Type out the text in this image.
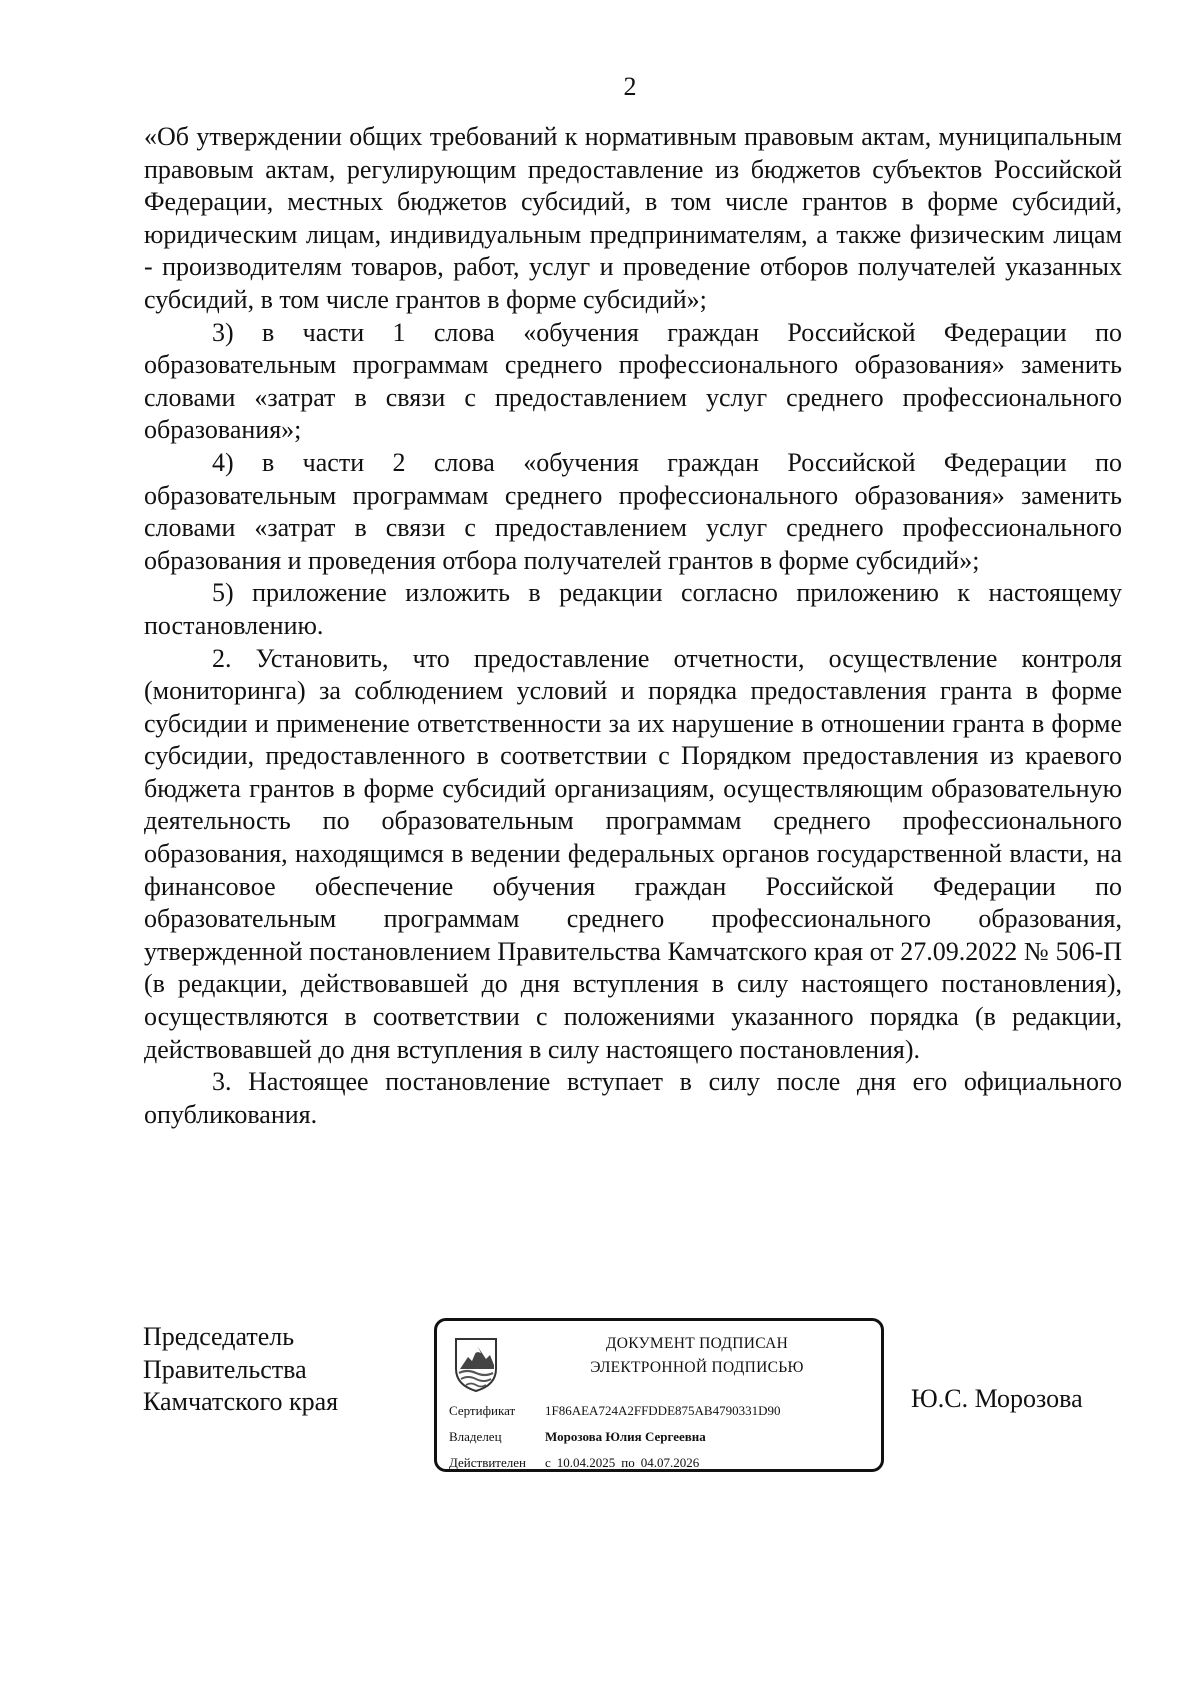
2

«Об утверждении общих требований к нормативным правовым актам, муниципальным правовым актам, регулирующим предоставление из бюджетов субъектов Российской Федерации, местных бюджетов субсидий, в том числе грантов в форме субсидий, юридическим лицам, индивидуальным предпринимателям, а также физическим лицам - производителям товаров, работ, услуг и проведение отборов получателей указанных субсидий, в том числе грантов в форме субсидий»;

3) в части 1 слова «обучения граждан Российской Федерации по образовательным программам среднего профессионального образования» заменить словами «затрат в связи с предоставлением услуг среднего профессионального образования»;

4) в части 2 слова «обучения граждан Российской Федерации по образовательным программам среднего профессионального образования» заменить словами «затрат в связи с предоставлением услуг среднего профессионального образования и проведения отбора получателей грантов в форме субсидий»;

5) приложение изложить в редакции согласно приложению к настоящему постановлению.

2. Установить, что предоставление отчетности, осуществление контроля (мониторинга) за соблюдением условий и порядка предоставления гранта в форме субсидии и применение ответственности за их нарушение в отношении гранта в форме субсидии, предоставленного в соответствии с Порядком предоставления из краевого бюджета грантов в форме субсидий организациям, осуществляющим образовательную деятельность по образовательным программам среднего профессионального образования, находящимся в ведении федеральных органов государственной власти, на финансовое обеспечение обучения граждан Российской Федерации по образовательным программам среднего профессионального образования, утвержденной постановлением Правительства Камчатского края от 27.09.2022 № 506-П (в редакции, действовавшей до дня вступления в силу настоящего постановления), осуществляются в соответствии с положениями указанного порядка (в редакции, действовавшей до дня вступления в силу настоящего постановления).

3. Настоящее постановление вступает в силу после дня его официального опубликования.

Председатель
Правительства
Камчатского края
ДОКУМЕНТ ПОДПИСАН
ЭЛЕКТРОННОЙ ПОДПИСЬЮ
Сертификат 1F86AEA724A2FFDDE875AB4790331D90
Владелец	Морозова Юлия Сергеевна
Действителен с 10.04.2025 по 04.07.2026
Ю.С. Морозова
